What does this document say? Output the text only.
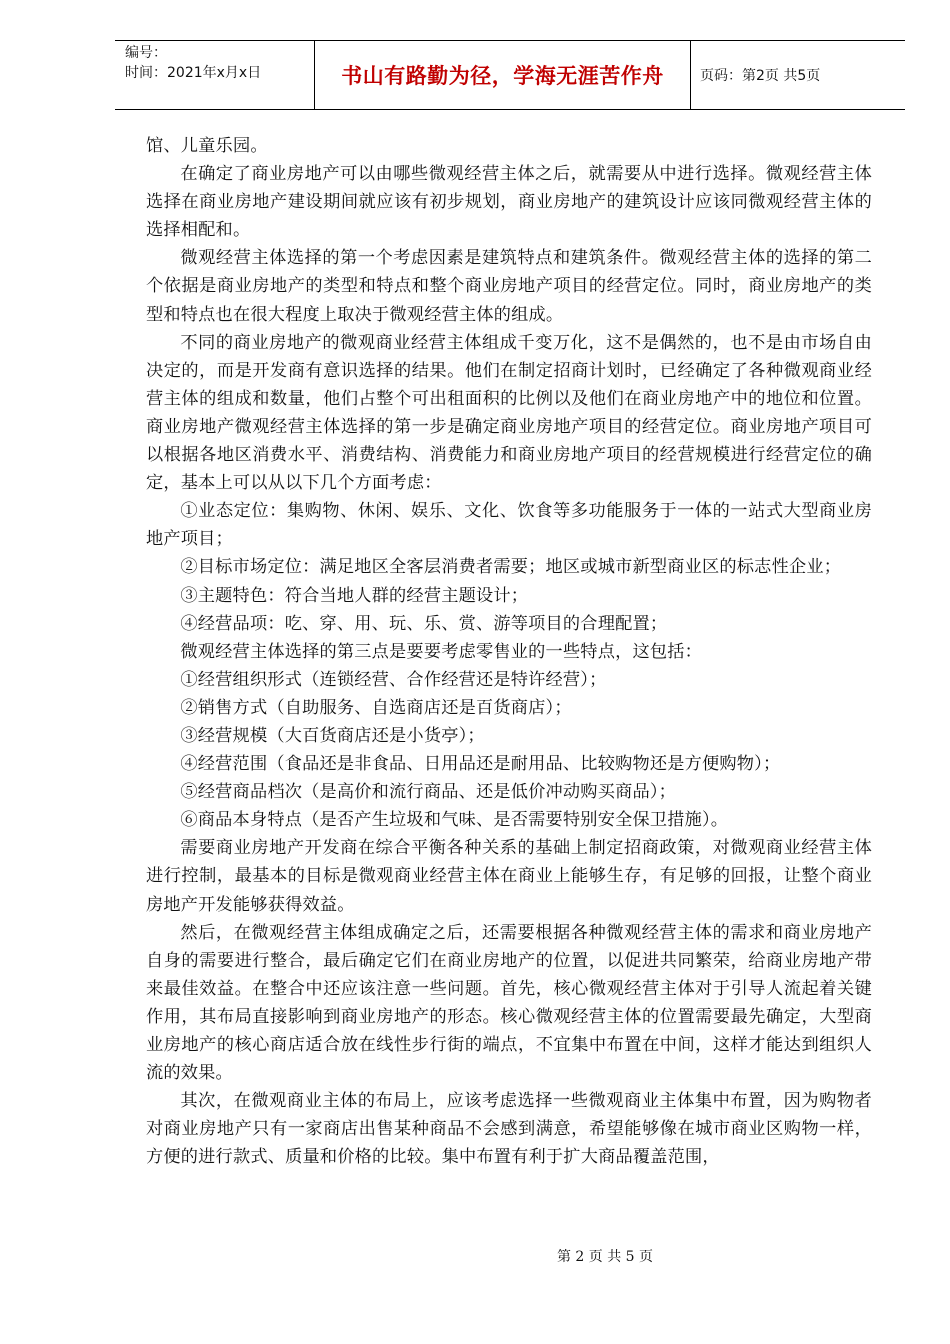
编号：
时间：2021年x月x日	书山有路勤为径，学海无涯苦作舟	页码：第2页 共5页

馆、儿童乐园。

在确定了商业房地产可以由哪些微观经营主体之后，就需要从中进行选择。微观经营主体选择在商业房地产建设期间就应该有初步规划，商业房地产的建筑设计应该同微观经营主体的选择相配和。

微观经营主体选择的第一个考虑因素是建筑特点和建筑条件。微观经营主体的选择的第二个依据是商业房地产的类型和特点和整个商业房地产项目的经营定位。同时，商业房地产的类型和特点也在很大程度上取决于微观经营主体的组成。

不同的商业房地产的微观商业经营主体组成千变万化，这不是偶然的，也不是由市场自由决定的，而是开发商有意识选择的结果。他们在制定招商计划时，已经确定了各种微观商业经营主体的组成和数量，他们占整个可出租面积的比例以及他们在商业房地产中的地位和位置。商业房地产微观经营主体选择的第一步是确定商业房地产项目的经营定位。商业房地产项目可以根据各地区消费水平、消费结构、消费能力和商业房地产项目的经营规模进行经营定位的确定，基本上可以从以下几个方面考虑：

①业态定位：集购物、休闲、娱乐、文化、饮食等多功能服务于一体的一站式大型商业房地产项目；

②目标市场定位：满足地区全客层消费者需要；地区或城市新型商业区的标志性企业；

③主题特色：符合当地人群的经营主题设计；

④经营品项：吃、穿、用、玩、乐、赏、游等项目的合理配置；

微观经营主体选择的第三点是要要考虑零售业的一些特点，这包括：

①经营组织形式（连锁经营、合作经营还是特许经营）；

②销售方式（自助服务、自选商店还是百货商店）；

③经营规模（大百货商店还是小货亭）；

④经营范围（食品还是非食品、日用品还是耐用品、比较购物还是方便购物）；

⑤经营商品档次（是高价和流行商品、还是低价冲动购买商品）；

⑥商品本身特点（是否产生垃圾和气味、是否需要特别安全保卫措施）。

需要商业房地产开发商在综合平衡各种关系的基础上制定招商政策，对微观商业经营主体进行控制，最基本的目标是微观商业经营主体在商业上能够生存，有足够的回报，让整个商业房地产开发能够获得效益。

然后，在微观经营主体组成确定之后，还需要根据各种微观经营主体的需求和商业房地产自身的需要进行整合，最后确定它们在商业房地产的位置，以促进共同繁荣，给商业房地产带来最佳效益。在整合中还应该注意一些问题。首先，核心微观经营主体对于引导人流起着关键作用，其布局直接影响到商业房地产的形态。核心微观经营主体的位置需要最先确定，大型商业房地产的核心商店适合放在线性步行街的端点，不宜集中布置在中间，这样才能达到组织人流的效果。

其次，在微观商业主体的布局上，应该考虑选择一些微观商业主体集中布置，因为购物者对商业房地产只有一家商店出售某种商品不会感到满意，希望能够像在城市商业区购物一样，方便的进行款式、质量和价格的比较。集中布置有利于扩大商品覆盖范围，

第 2 页 共 5 页
